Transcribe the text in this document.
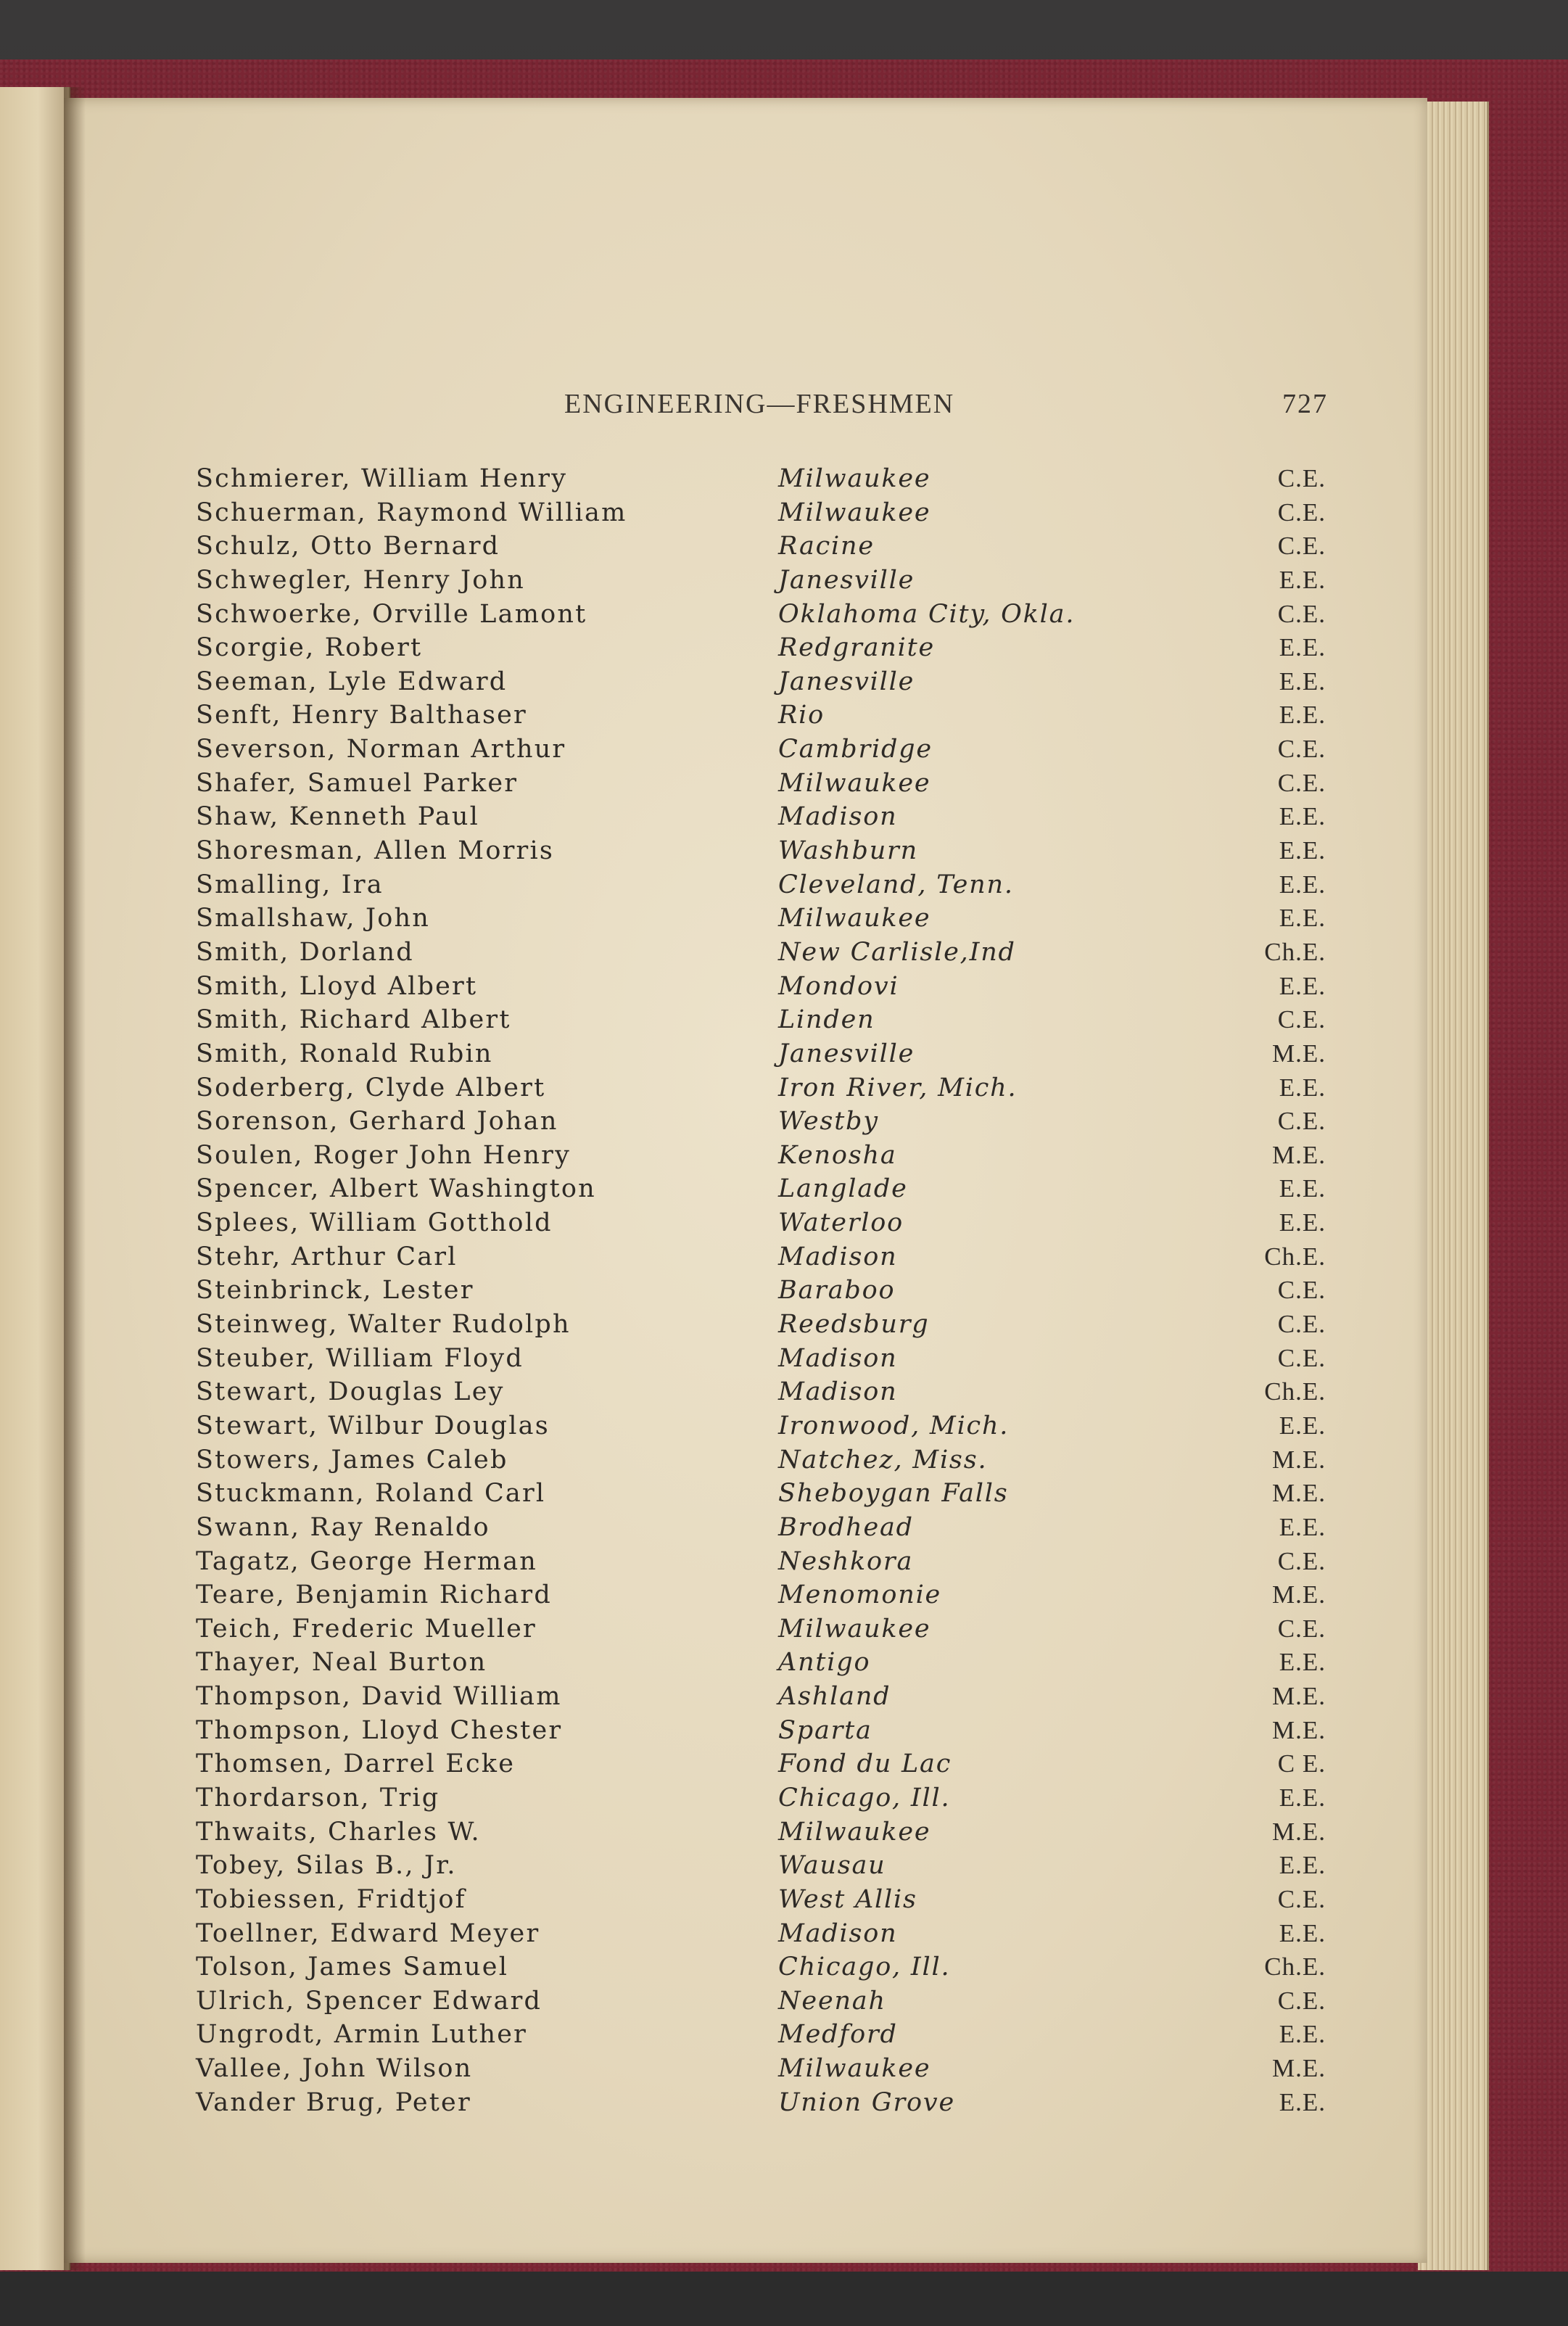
ENGINEERING—FRESHMEN	727
Schmierer, William Henry	Milwaukee	C.E.
Schuerman, Raymond William	Milwaukee	C.E.
Schulz, Otto Bernard	Racine	C.E.
Schwegler, Henry John	Janesville	E.E.
Schwoerke, Orville Lamont	Oklahoma City, Okla.	C.E.
Scorgie, Robert	Redgranite	E.E.
Seeman, Lyle Edward	Janesville	E.E.
Senft, Henry Balthaser	Rio	E.E.
Severson, Norman Arthur	Cambridge	C.E.
Shafer, Samuel Parker	Milwaukee	C.E.
Shaw, Kenneth Paul	Madison	E.E.
Shoresman, Allen Morris	Washburn	E.E.
Smalling, Ira	Cleveland, Tenn.	E.E.
Smallshaw, John	Milwaukee	E.E.
Smith, Dorland	New Carlisle,Ind	Ch.E.
Smith, Lloyd Albert	Mondovi	E.E.
Smith, Richard Albert	Linden	C.E.
Smith, Ronald Rubin	Janesville	M.E.
Soderberg, Clyde Albert	Iron River, Mich.	E.E.
Sorenson, Gerhard Johan	Westby	C.E.
Soulen, Roger John Henry	Kenosha	M.E.
Spencer, Albert Washington	Langlade	E.E.
Splees, William Gotthold	Waterloo	E.E.
Stehr, Arthur Carl	Madison	Ch.E.
Steinbrinck, Lester	Baraboo	C.E.
Steinweg, Walter Rudolph	Reedsburg	C.E.
Steuber, William Floyd	Madison	C.E.
Stewart, Douglas Ley	Madison	Ch.E.
Stewart, Wilbur Douglas	Ironwood, Mich.	E.E.
Stowers, James Caleb	Natchez, Miss.	M.E.
Stuckmann, Roland Carl	Sheboygan Falls	M.E.
Swann, Ray Renaldo	Brodhead	E.E.
Tagatz, George Herman	Neshkora	C.E.
Teare, Benjamin Richard	Menomonie	M.E.
Teich, Frederic Mueller	Milwaukee	C.E.
Thayer, Neal Burton	Antigo	E.E.
Thompson, David William	Ashland	M.E.
Thompson, Lloyd Chester	Sparta	M.E.
Thomsen, Darrel Ecke	Fond du Lac	C E.
Thordarson, Trig	Chicago, Ill.	E.E.
Thwaits, Charles W.	Milwaukee	M.E.
Tobey, Silas B., Jr.	Wausau	E.E.
Tobiessen, Fridtjof	West Allis	C.E.
Toellner, Edward Meyer	Madison	E.E.
Tolson, James Samuel	Chicago, Ill.	Ch.E.
Ulrich, Spencer Edward	Neenah	C.E.
Ungrodt, Armin Luther	Medford	E.E.
Vallee, John Wilson	Milwaukee	M.E.
Vander Brug, Peter	Union Grove	E.E.
